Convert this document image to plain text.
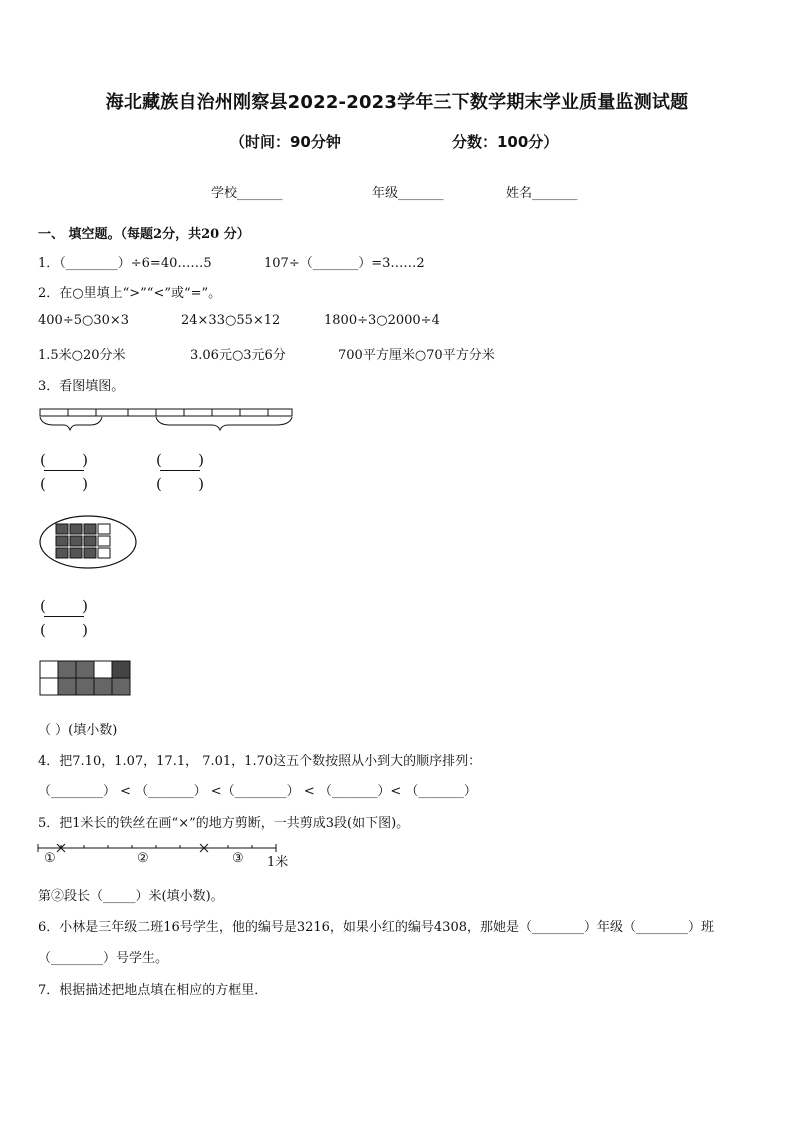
海北藏族自治州刚察县2022-2023学年三下数学期末学业质量监测试题
（时间：90分钟	分数：100分）
学校_______	年级_______	姓名_______
一、 填空题。（每题2分，共20 分）
1．（________）÷6=40……5	107÷（_______）=3……2
2．在○里填上“>”“<”或“=”。
400÷5○30×3	24×33○55×12	1800÷3○2000÷4
1.5米○20分米	3.06元○3元6分	700平方厘米○70平方分米
3．看图填图。
( )
( )
( )
( )
( )
( )
（ ）(填小数)
4．把7.10，1.07，17.1， 7.01，1.70这五个数按照从小到大的顺序排列：
（________） < （_______） <（________） < （_______）< （_______）
5．把1米长的铁丝在画“×”的地方剪断，一共剪成3段(如下图)。
①	②	③ 1米
第②段长（_____）米(填小数)。
6．小林是三年级二班16号学生，他的编号是3216，如果小红的编号4308，那她是（________）年级（________）班
（________）号学生。
7．根据描述把地点填在相应的方框里．
